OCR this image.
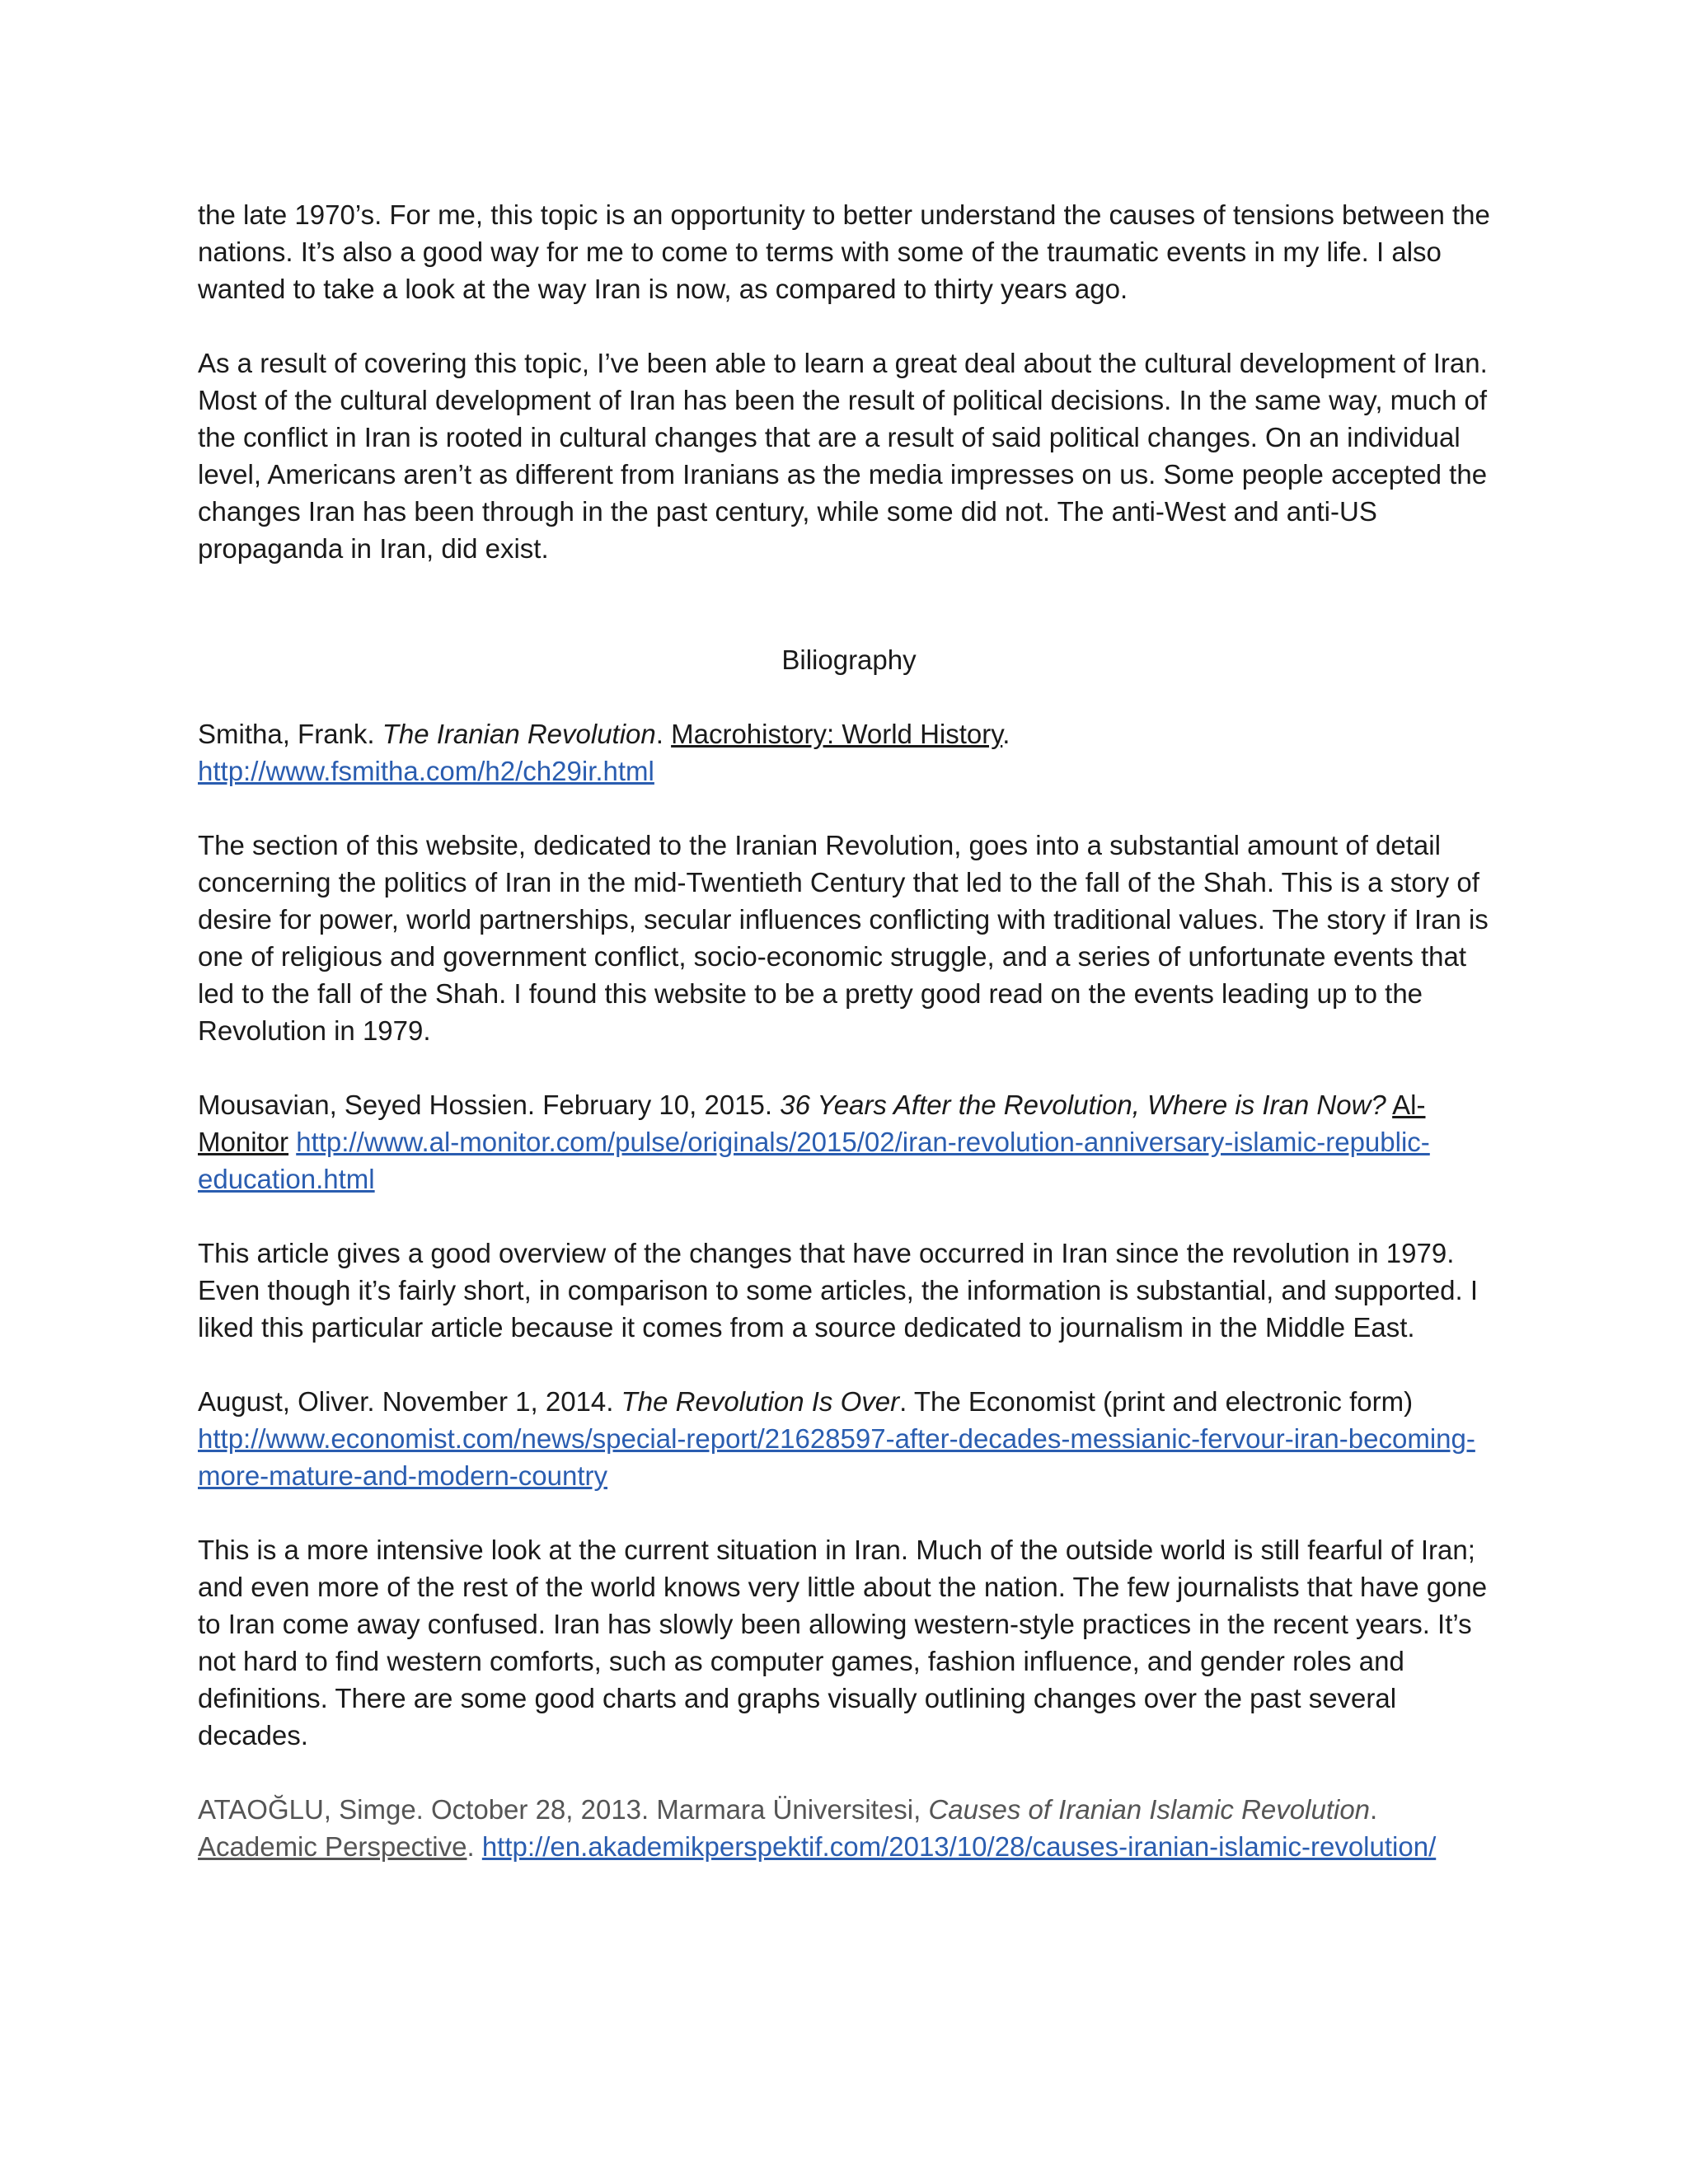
the late 1970’s. For me, this topic is an opportunity to better understand the causes of tensions between the nations. It’s also a good way for me to come to terms with some of the traumatic events in my life. I also wanted to take a look at the way Iran is now, as compared to thirty years ago.

As a result of covering this topic, I’ve been able to learn a great deal about the cultural development of Iran. Most of the cultural development of Iran has been the result of political decisions. In the same way, much of the conflict in Iran is rooted in cultural changes that are a result of said political changes. On an individual level, Americans aren’t as different from Iranians as the media impresses on us. Some people accepted the changes Iran has been through in the past century, while some did not. The anti-West and anti-US propaganda in Iran, did exist.

Biliography
Smitha, Frank. The Iranian Revolution. Macrohistory: World History.
http://www.fsmitha.com/h2/ch29ir.html

The section of this website, dedicated to the Iranian Revolution, goes into a substantial amount of detail concerning the politics of Iran in the mid-Twentieth Century that led to the fall of the Shah. This is a story of desire for power, world partnerships, secular influences conflicting with traditional values. The story if Iran is one of religious and government conflict, socio-economic struggle, and a series of unfortunate events that led to the fall of the Shah. I found this website to be a pretty good read on the events leading up to the Revolution in 1979.

Mousavian, Seyed Hossien. February 10, 2015. 36 Years After the Revolution, Where is Iran Now? Al-Monitor http://www.al-monitor.com/pulse/originals/2015/02/iran-revolution-anniversary-islamic-republic-education.html

This article gives a good overview of the changes that have occurred in Iran since the revolution in 1979. Even though it’s fairly short, in comparison to some articles, the information is substantial, and supported. I liked this particular article because it comes from a source dedicated to journalism in the Middle East.

August, Oliver. November 1, 2014. The Revolution Is Over. The Economist (print and electronic form)
http://www.economist.com/news/special-report/21628597-after-decades-messianic-fervour-iran-becoming-more-mature-and-modern-country

This is a more intensive look at the current situation in Iran. Much of the outside world is still fearful of Iran; and even more of the rest of the world knows very little about the nation. The few journalists that have gone to Iran come away confused. Iran has slowly been allowing western-style practices in the recent years. It’s not hard to find western comforts, such as computer games, fashion influence, and gender roles and definitions. There are some good charts and graphs visually outlining changes over the past several decades.

ATAOĞLU, Simge. October 28, 2013. Marmara Üniversitesi, Causes of Iranian Islamic Revolution.
Academic Perspective. http://en.akademikperspektif.com/2013/10/28/causes-iranian-islamic-revolution/
